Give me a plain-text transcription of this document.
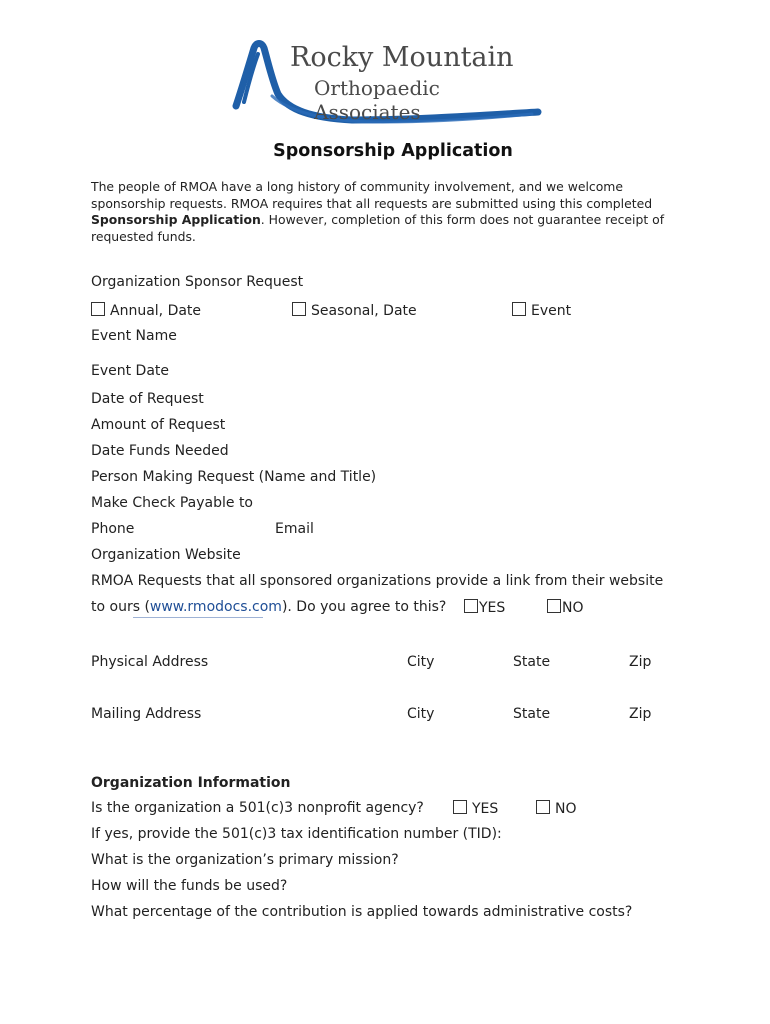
Rocky Mountain
Orthopaedic Associates
Sponsorship Application
The people of RMOA have a long history of community involvement, and we welcome sponsorship requests. RMOA requires that all requests are submitted using this completed Sponsorship Application. However, completion of this form does not guarantee receipt of requested funds.
Organization Sponsor Request
Annual, Date	Seasonal, Date	Event
Event Name
Event Date
Date of Request
Amount of Request
Date Funds Needed
Person Making Request (Name and Title)
Make Check Payable to
Phone	Email
Organization Website
RMOA Requests that all sponsored organizations provide a link from their website
to ours (www.rmodocs.com). Do you agree to this?	YES	NO
Physical Address	City	State	Zip
Mailing Address	City	State	Zip
Organization Information
Is the organization a 501(c)3 nonprofit agency?	YES	NO
If yes, provide the 501(c)3 tax identification number (TID):
What is the organization’s primary mission?
How will the funds be used?
What percentage of the contribution is applied towards administrative costs?
